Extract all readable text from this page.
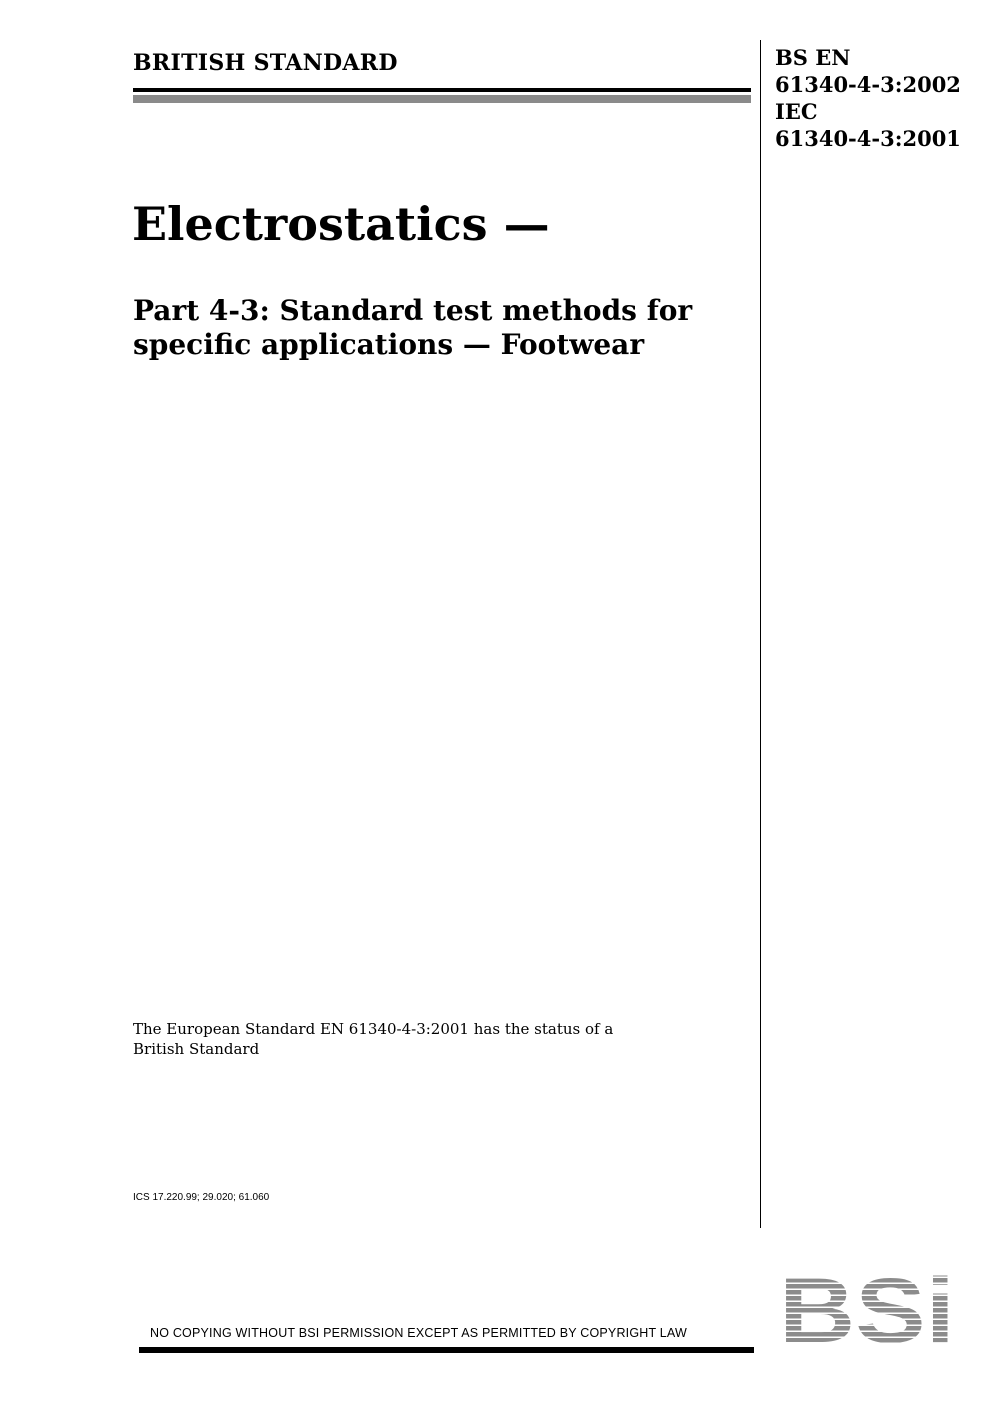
BRITISH STANDARD	BS EN
61340-4-3:2002
IEC
61340-4-3:2001
Electrostatics —
Part 4-3: Standard test methods for specific applications — Footwear
The European Standard EN 61340-4-3:2001 has the status of a British Standard
ICS 17.220.99; 29.020; 61.060
NO COPYING WITHOUT BSI PERMISSION EXCEPT AS PERMITTED BY COPYRIGHT LAW BSi
